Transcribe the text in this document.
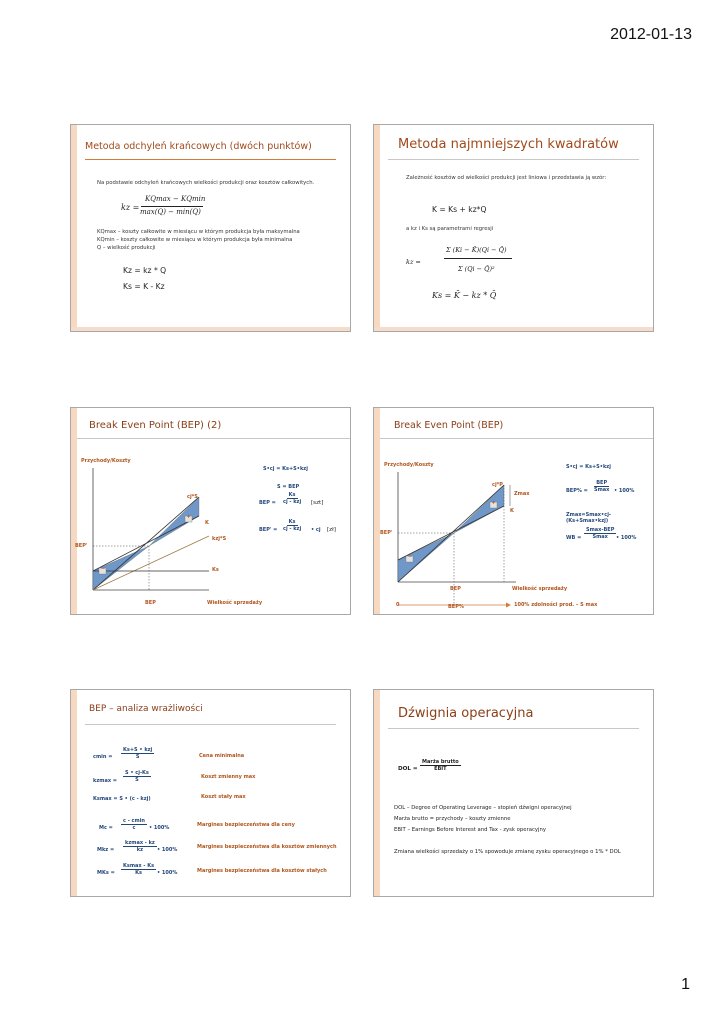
2012-01-13
Metoda odchyleń krańcowych (dwóch punktów)
Na podstawie odchyleń krańcowych wielkości produkcji oraz kosztów całkowitych.
kz =
KQmax − KQmin
max(Q) − min(Q)
KQmax – koszty całkowite w miesiącu w którym produkcja była maksymalna
KQmin – koszty całkowite w miesiącu w którym produkcja była minimalna
Q – wielkość produkcji
Kz = kz * Q
Ks = K - Kz
Metoda najmniejszych kwadratów
Zależność kosztów od wielkości produkcji jest liniowa i przedstawia ją wzór:
K = Ks + kz*Q
a kz i Ks są parametrami regresji
kz =
Σ (Ki − K̄)(Qi − Q̄)
Σ (Qi − Q̄)²
Ks = K̄ − kz * Q̄
Break Even Point (BEP) (2)
Przychody/Koszty
+
−
cj*S
K
kzj*S
Ks
BEP'
BEP	Wielkość sprzedaży
S•cj = Ks+S•kzj
S = BEP
BEP =
Ks
cj - kzj	[szt]
BEP' =
Ks
cj - kzj	• cj [zł]
Break Even Point (BEP)
Przychody/Koszty
+
−
cj*P
Zmax
K
BEP'
BEP	Wielkość sprzedaży
0	BEP%	100% zdolności prod. – S max
S•cj = Ks+S•kzj
BEP% =
BEP
Smax • 100%
Zmax=Smax•cj-(Ks+Smax•kzj)
WB =
Smax-BEP
Smax	• 100%
BEP – analiza wrażliwości
cmin =
Ks+S • kzj
S	Cena minimalna
$kzmax = \frac{S • cj-Ks}{S}$	Koszt zmienny max
Ksmax = S • (c - kzj)	Koszt stały max
Mc =
c - cmin
c	• 100%	Margines bezpieczeństwa dla ceny
Mkz =
kzmax - kz
kz	• 100%	Margines bezpieczeństwa dla kosztów zmiennych
MKs =
Ksmax - Ks
Ks	• 100%	Margines bezpieczeństwa dla kosztów stałych
Dźwignia operacyjna
DOL =
Marża brutto
EBIT
DOL – Degree of Operating Leverage – stopień dźwigni operacyjnej
Marża brutto = przychody – koszty zmienne
EBIT – Earnings Before Interest and Tax - zysk operacyjny
Zmiana wielkości sprzedaży o 1% spowoduje zmianę zysku operacyjnego o 1% * DOL
1
